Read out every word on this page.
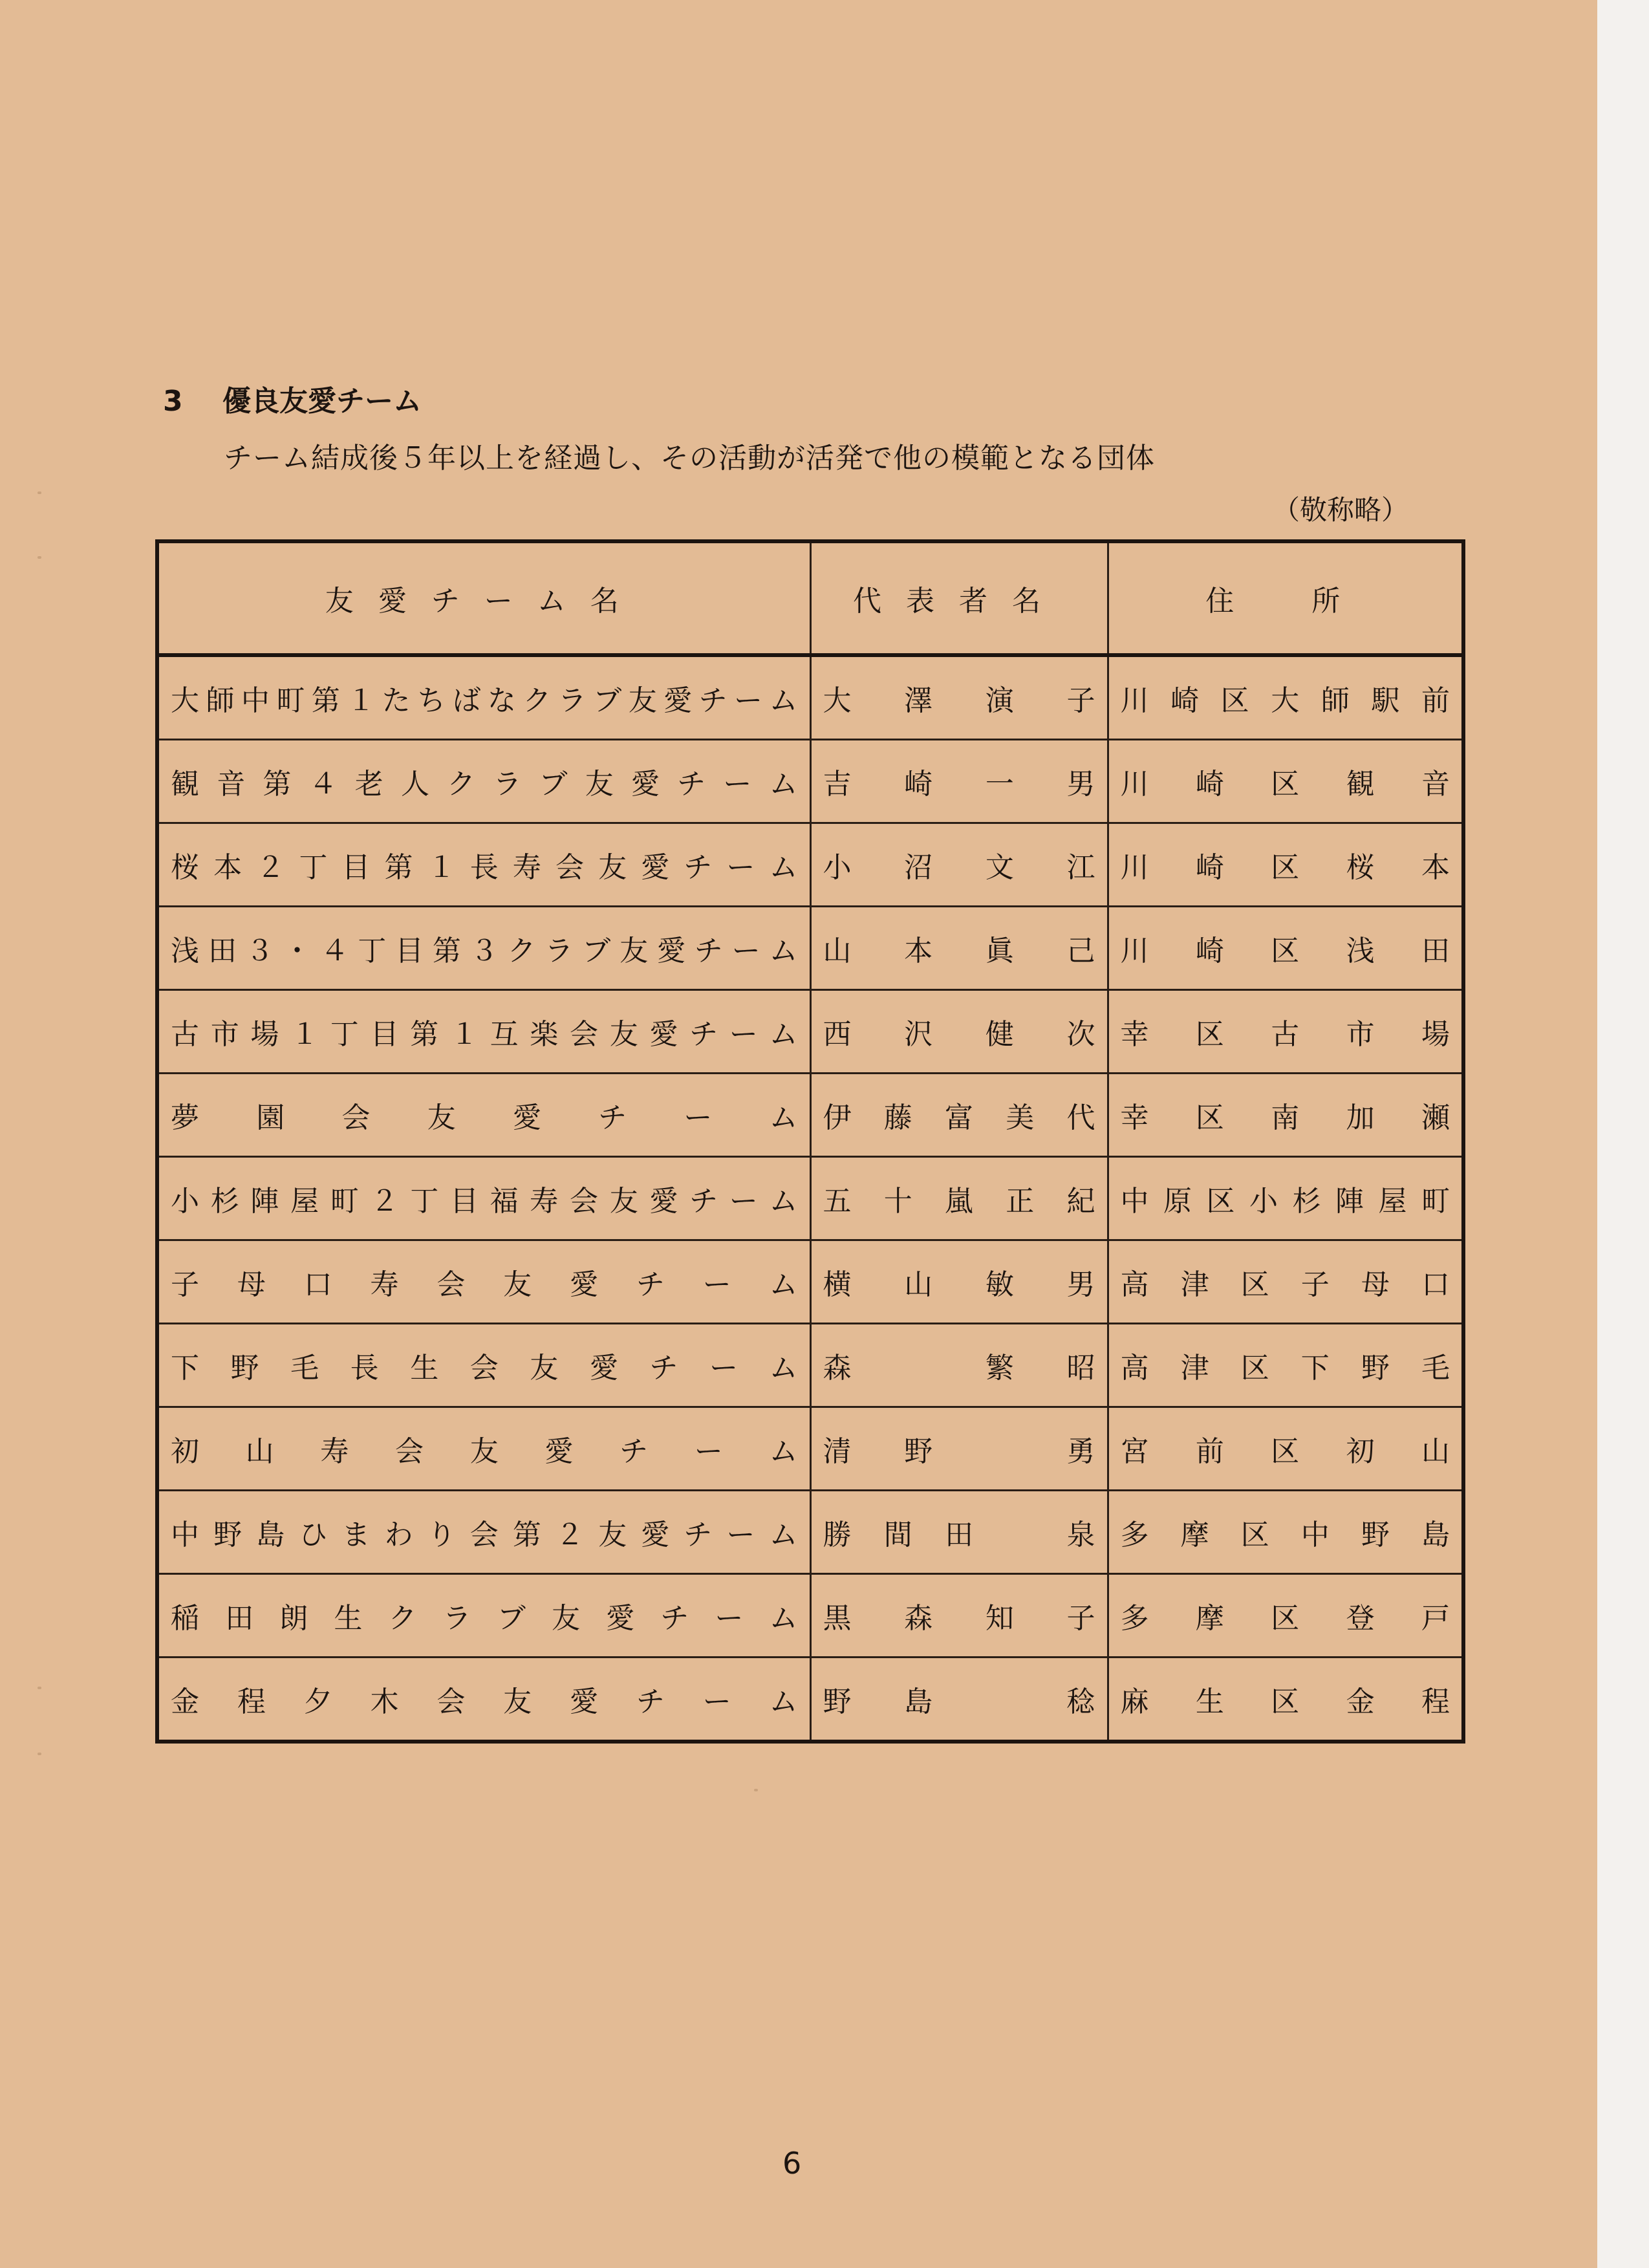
3 優良友愛チーム
チーム結成後５年以上を経過し、その活動が活発で他の模範となる団体
（敬称略）
友愛チーム名	代表者名	住　所

大師中町第１たちばなクラブ友愛チーム	大　澤　演　子	川崎区大師駅前

観音第４老人クラブ友愛チーム	吉　崎　一　男	川　崎　区　観　音

桜本２丁目第１長寿会友愛チーム	小　沼　文　江	川　崎　区　桜　本

浅田３・４丁目第３クラブ友愛チーム	山　本　眞　己	川　崎　区　浅　田

古市場１丁目第１互楽会友愛チーム	西　沢　健　次	幸　区　古　市　場

夢園会友愛チーム	伊藤富美代	幸　区　南　加　瀬

小杉陣屋町２丁目福寿会友愛チーム	五十嵐正紀	中原区小杉陣屋町

子母口寿会友愛チーム	横　山　敏　男	高津区子母口

下野毛長生会友愛チーム	森　　　繁　昭	高津区下野毛

初山寿会友愛チーム	清　野　　　勇	宮　前　区　初　山

中野島ひまわり会第２友愛チーム	勝間田　泉	多摩区中野島

稲田朗生クラブ友愛チーム	黒　森　知　子	多　摩　区　登　戸

金程夕木会友愛チーム	野　島　　　稔	麻　生　区　金　程
6
